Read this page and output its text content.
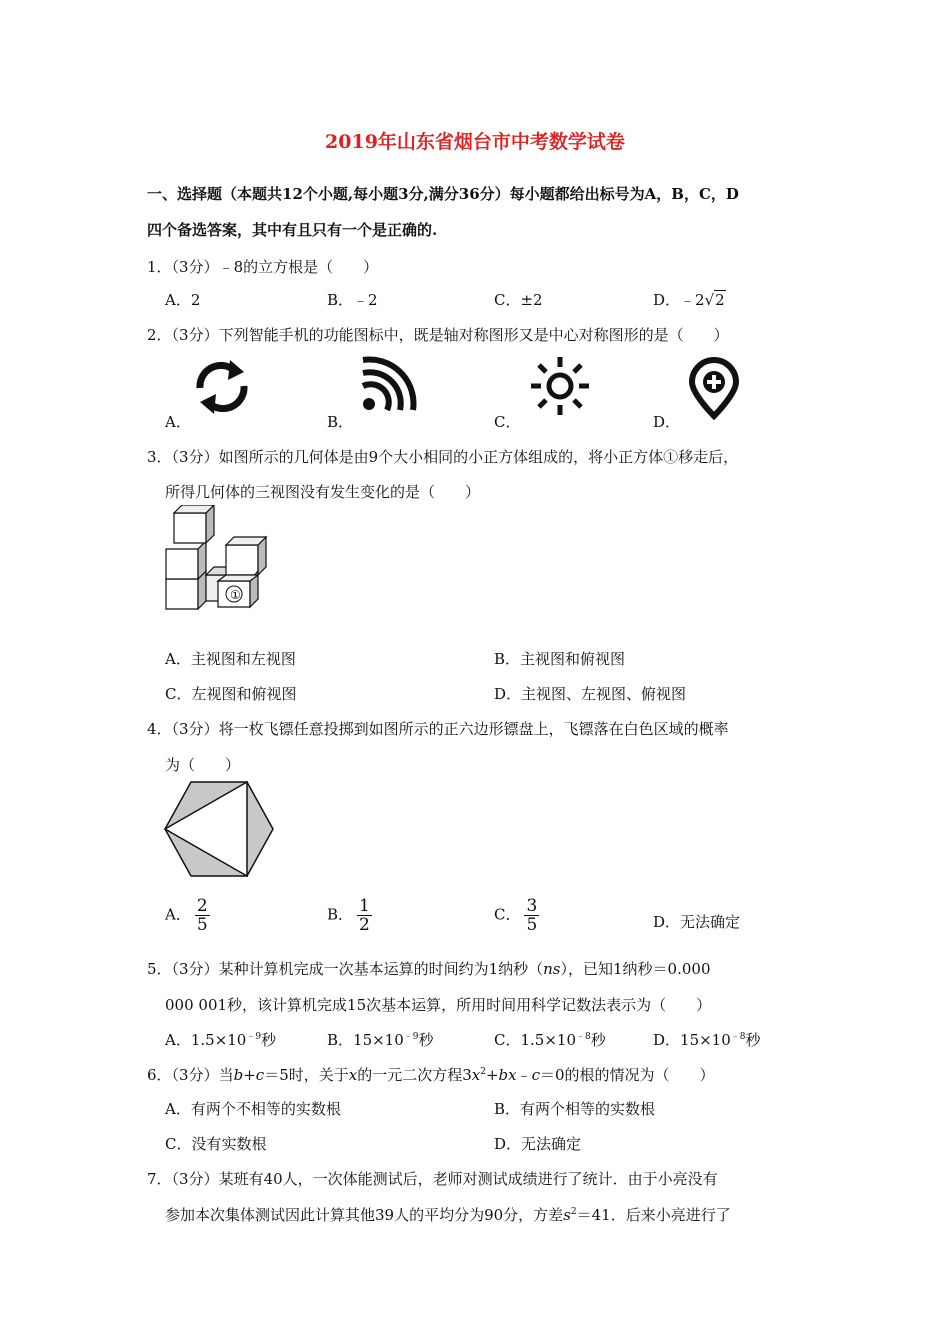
2019年山东省烟台市中考数学试卷
一、选择题（本题共12个小题,每小题3分,满分36分）每小题都给出标号为A，B，C，D
四个备选答案，其中有且只有一个是正确的.
1．（3分）﹣8的立方根是（　　）
A．2	B．﹣2	C．±2	D．﹣2√2
2．（3分）下列智能手机的功能图标中，既是轴对称图形又是中心对称图形的是（　　）
A．	B．	C．	D．
3．（3分）如图所示的几何体是由9个大小相同的小正方体组成的，将小正方体①移走后，
所得几何体的三视图没有发生变化的是（　　）
①
A．主视图和左视图	B．主视图和俯视图
C．左视图和俯视图	D．主视图、左视图、俯视图
4．（3分）将一枚飞镖任意投掷到如图所示的正六边形镖盘上，飞镖落在白色区域的概率
为（　　）
A． $\frac{2}{5}$	B． $\frac{1}{2}$	C． $\frac{3}{5}$	D．无法确定
5．（3分）某种计算机完成一次基本运算的时间约为1纳秒（ns），已知1纳秒＝0.000
000 001秒，该计算机完成15次基本运算，所用时间用科学记数法表示为（　　）
A．$1.5\times 10^{﹣9}$秒	B．$15\times 10^{﹣9}$秒	C．$1.5\times 10^{﹣8}$秒	D．$15\times 10^{﹣8}$秒
6．（3分）当b+c＝5时，关于x的一元二次方程$3x^2+bx﹣c=0$的根的情况为（　　）
A．有两个不相等的实数根	B．有两个相等的实数根
C．没有实数根	D．无法确定
7．（3分）某班有40人，一次体能测试后，老师对测试成绩进行了统计．由于小亮没有
参加本次集体测试因此计算其他39人的平均分为90分，方差$s^2=41$．后来小亮进行了
